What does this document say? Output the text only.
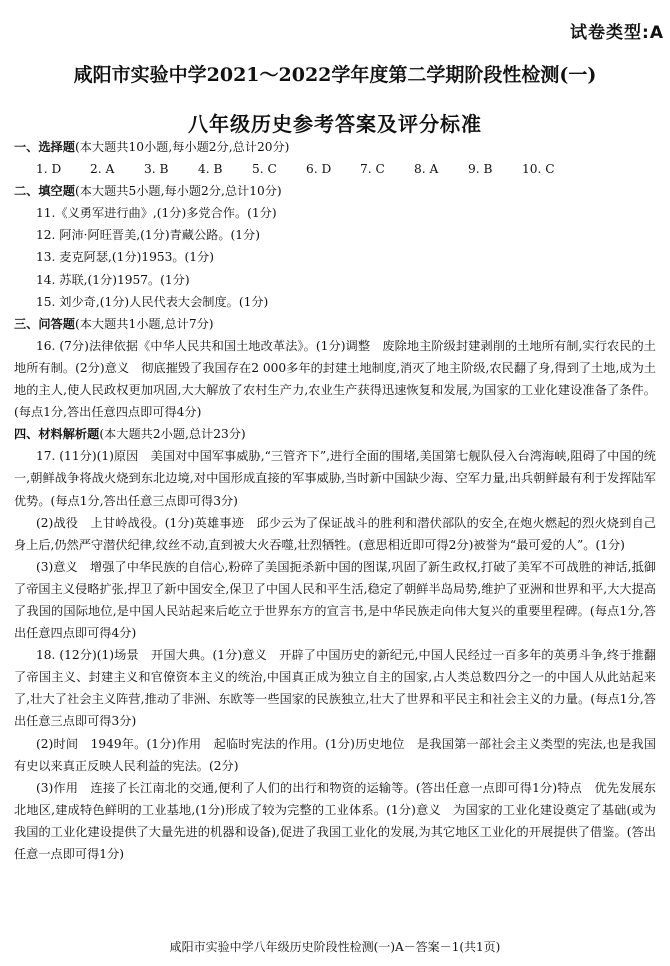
试卷类型:A
咸阳市实验中学2021～2022学年度第二学期阶段性检测(一)
八年级历史参考答案及评分标准
一、选择题(本大题共10小题,每小题2分,总计20分)
1. D 2. A 3. B 4. B 5. C 6. D 7. C 8. A 9. B 10. C
二、填空题(本大题共5小题,每小题2分,总计10分)
11.《义勇军进行曲》,(1分)多党合作。(1分)
12. 阿沛·阿旺晋美,(1分)青藏公路。(1分)
13. 麦克阿瑟,(1分)1953。(1分)
14. 苏联,(1分)1957。(1分)
15. 刘少奇,(1分)人民代表大会制度。(1分)
三、问答题(本大题共1小题,总计7分)

16. (7分)法律依据《中华人民共和国土地改革法》。(1分)调整　废除地主阶级封建剥削的土地所有制,实行农民的土地所有制。(2分)意义　彻底摧毁了我国存在2 000多年的封建土地制度,消灭了地主阶级,农民翻了身,得到了土地,成为土地的主人,使人民政权更加巩固,大大解放了农村生产力,农业生产获得迅速恢复和发展,为国家的工业化建设准备了条件。(每点1分,答出任意四点即可得4分)

四、材料解析题(本大题共2小题,总计23分)

17. (11分)(1)原因　美国对中国军事威胁,“三管齐下”,进行全面的围堵,美国第七舰队侵入台湾海峡,阻碍了中国的统一,朝鲜战争将战火烧到东北边境,对中国形成直接的军事威胁,当时新中国缺少海、空军力量,出兵朝鲜最有利于发挥陆军优势。(每点1分,答出任意三点即可得3分)

(2)战役　上甘岭战役。(1分)英雄事迹　邱少云为了保证战斗的胜利和潜伏部队的安全,在炮火燃起的烈火烧到自己身上后,仍然严守潜伏纪律,纹丝不动,直到被大火吞噬,壮烈牺牲。(意思相近即可得2分)被誉为“最可爱的人”。(1分)

(3)意义　增强了中华民族的自信心,粉碎了美国扼杀新中国的图谋,巩固了新生政权,打破了美军不可战胜的神话,抵御了帝国主义侵略扩张,捍卫了新中国安全,保卫了中国人民和平生活,稳定了朝鲜半岛局势,维护了亚洲和世界和平,大大提高了我国的国际地位,是中国人民站起来后屹立于世界东方的宣言书,是中华民族走向伟大复兴的重要里程碑。(每点1分,答出任意四点即可得4分)

18. (12分)(1)场景　开国大典。(1分)意义　开辟了中国历史的新纪元,中国人民经过一百多年的英勇斗争,终于推翻了帝国主义、封建主义和官僚资本主义的统治,中国真正成为独立自主的国家,占人类总数四分之一的中国人从此站起来了,壮大了社会主义阵营,推动了非洲、东欧等一些国家的民族独立,壮大了世界和平民主和社会主义的力量。(每点1分,答出任意三点即可得3分)

(2)时间　1949年。(1分)作用　起临时宪法的作用。(1分)历史地位　是我国第一部社会主义类型的宪法,也是我国有史以来真正反映人民利益的宪法。(2分)

(3)作用　连接了长江南北的交通,便利了人们的出行和物资的运输等。(答出任意一点即可得1分)特点　优先发展东北地区,建成特色鲜明的工业基地,(1分)形成了较为完整的工业体系。(1分)意义　为国家的工业化建设奠定了基础(或为我国的工业化建设提供了大量先进的机器和设备),促进了我国工业化的发展,为其它地区工业化的开展提供了借鉴。(答出任意一点即可得1分)

咸阳市实验中学八年级历史阶段性检测(一)A－答案－1(共1页)
